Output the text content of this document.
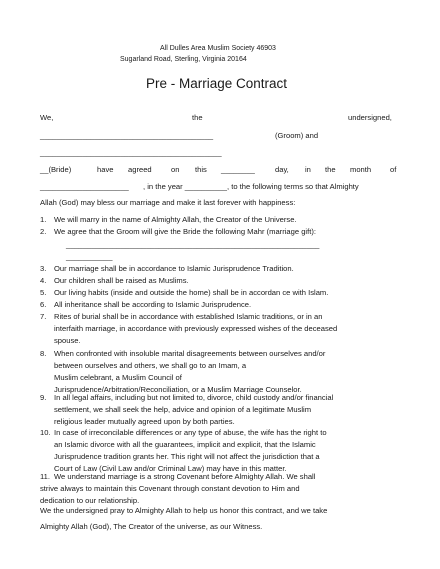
All Dulles Area Muslim Society 46903
Sugarland Road, Sterling, Virginia 20164
Pre - Marriage Contract
We,	the	undersigned,
_________________________________________	(Groom) and
___________________________________________
__(Bride)	have agreed	on this ________	day, in the month of
_____________________ , in the year __________, to the following terms so that Almighty
Allah (God) may bless our marriage and make it last forever with happiness:
1. We will marry in the name of Almighty Allah, the Creator of the Universe.
2. We agree that the Groom will give the Bride the following Mahr (marriage gift):
____________________________________________________________
___________
3. Our marriage shall be in accordance to Islamic Jurisprudence Tradition.
4. Our children shall be raised as Muslims.
5. Our living habits (inside and outside the home) shall be in accordan ce with Islam.
6. All inheritance shall be according to Islamic Jurisprudence.
7. Rites of burial shall be in accordance with established Islamic traditions, or in an
interfaith marriage, in accordance with previously expressed wishes of the deceased
spouse.
8. When confronted with insoluble marital disagreements between ourselves and/or
between ourselves and others, we shall go to an Imam, a
Muslim celebrant, a Muslim Council of
Jurisprudence/Arbitration/Reconciliation, or a Muslim Marriage Counselor.
9. In all legal affairs, including but not limited to, divorce, child custody and/or financial
settlement, we shall seek the help, advice and opinion of a legitimate Muslim
religious leader mutually agreed upon by both parties.
10. In case of irreconcilable differences or any type of abuse, the wife has the right to
an Islamic divorce with all the guarantees, implicit and explicit, that the Islamic
Jurisprudence tradition grants her. This right will not affect the jurisdiction that a
Court of Law (Civil Law and/or Criminal Law) may have in this matter.
11. We understand marriage is a strong Covenant before Almighty Allah. We shall
strive always to maintain this Covenant through constant devotion to Him and
dedication to our relationship.
We the undersigned pray to Almighty Allah to help us honor this contract, and we take
Almighty Allah (God), The Creator of the universe, as our Witness.
